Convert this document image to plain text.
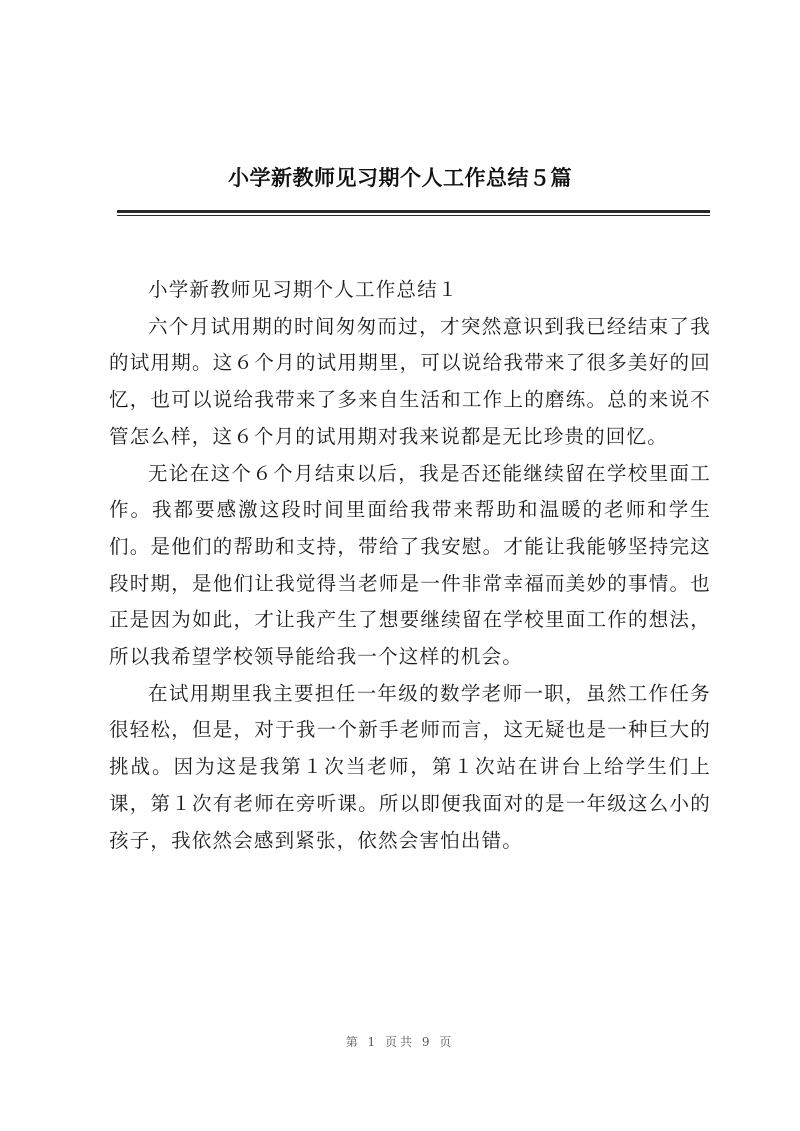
小学新教师见习期个人工作总结５篇

小学新教师见习期个人工作总结１

六个月试用期的时间匆匆而过，才突然意识到我已经结束了我的试用期。这６个月的试用期里，可以说给我带来了很多美好的回忆，也可以说给我带来了多来自生活和工作上的磨练。总的来说不管怎么样，这６个月的试用期对我来说都是无比珍贵的回忆。

无论在这个６个月结束以后，我是否还能继续留在学校里面工作。我都要感激这段时间里面给我带来帮助和温暖的老师和学生们。是他们的帮助和支持，带给了我安慰。才能让我能够坚持完这段时期，是他们让我觉得当老师是一件非常幸福而美妙的事情。也正是因为如此，才让我产生了想要继续留在学校里面工作的想法，所以我希望学校领导能给我一个这样的机会。

在试用期里我主要担任一年级的数学老师一职，虽然工作任务很轻松，但是，对于我一个新手老师而言，这无疑也是一种巨大的挑战。因为这是我第１次当老师，第１次站在讲台上给学生们上课，第１次有老师在旁听课。所以即便我面对的是一年级这么小的孩子，我依然会感到紧张，依然会害怕出错。

第 1 页共 9 页
